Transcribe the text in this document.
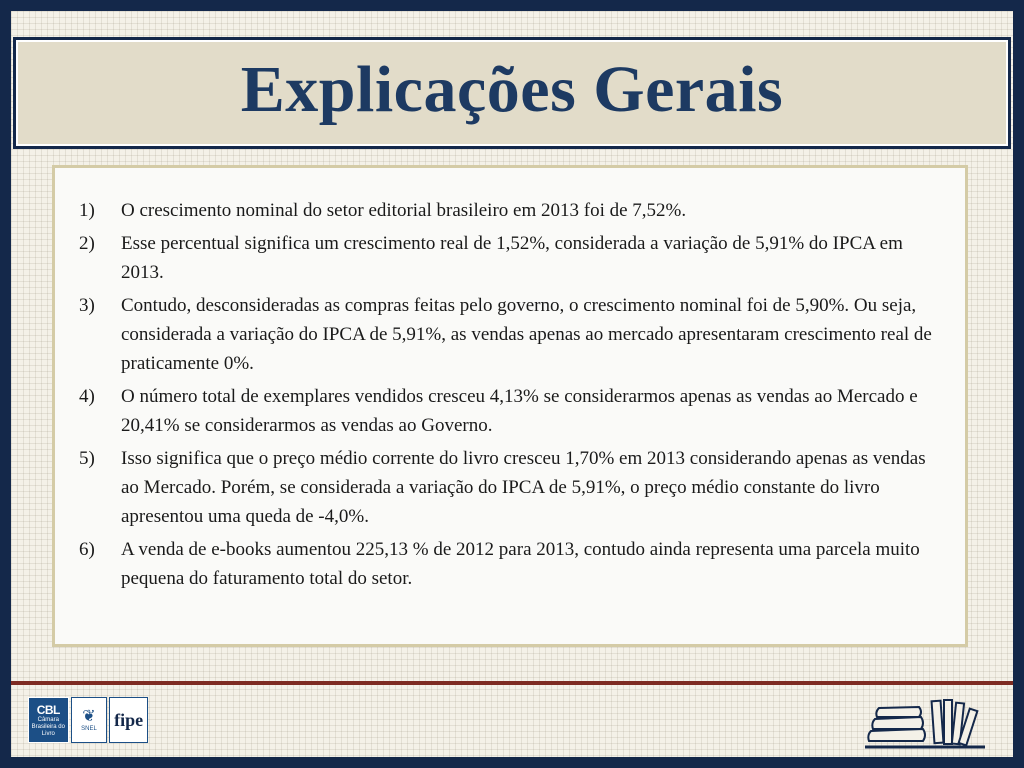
Explicações Gerais
1)	O crescimento nominal do setor editorial brasileiro em 2013 foi de 7,52%.
2)	Esse percentual significa um crescimento real de 1,52%, considerada a variação de 5,91% do IPCA em 2013.
3)	Contudo, desconsideradas as compras feitas pelo governo, o crescimento nominal foi de 5,90%. Ou seja, considerada a variação do IPCA de 5,91%, as vendas apenas ao mercado apresentaram crescimento real de praticamente 0%.
4)	O número total de exemplares vendidos cresceu 4,13% se considerarmos apenas as vendas ao Mercado e 20,41% se considerarmos as vendas ao Governo.
5)	Isso significa que o preço médio corrente do livro cresceu 1,70% em 2013 considerando apenas as vendas ao Mercado. Porém, se considerada a variação do IPCA de 5,91%, o preço médio constante do livro apresentou uma queda de -4,0%.
6)	A venda de e-books aumentou 225,13 % de 2012 para 2013, contudo ainda representa uma parcela muito pequena do faturamento total do setor.
CBL
Câmara Brasileira do Livro
❦
SNEL fipe
